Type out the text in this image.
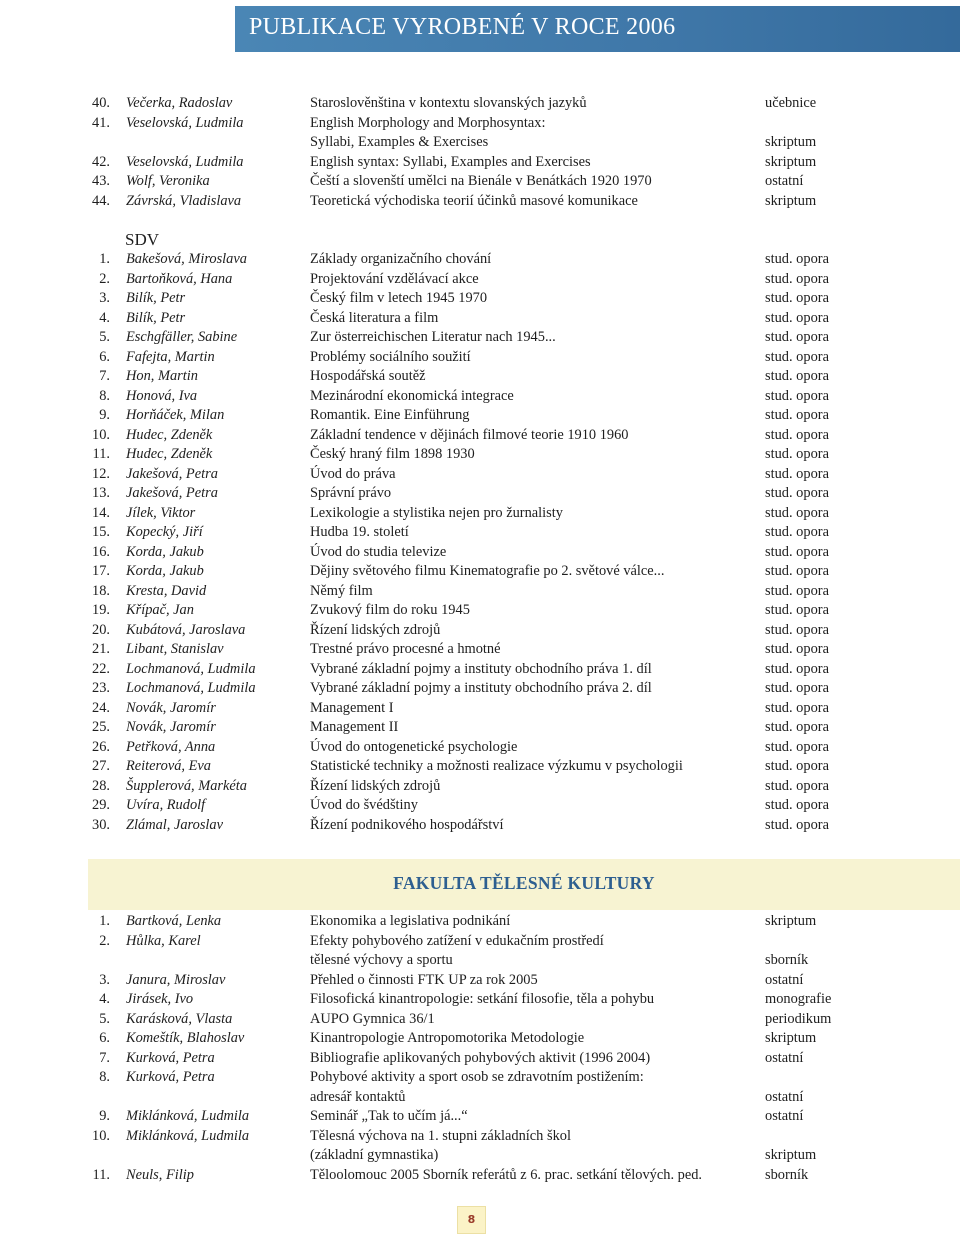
PUBLIKACE VYROBENÉ V ROCE 2006
40. Večerka, Radoslav	Staroslověnština v kontextu slovanských jazyků	učebnice
41. Veselovská, Ludmila	English Morphology and Morphosyntax:
Syllabi, Examples & Exercises	skriptum
42. Veselovská, Ludmila	English syntax: Syllabi, Examples and Exercises	skriptum
43. Wolf, Veronika	Čeští a slovenští umělci na Bienále v Benátkách 1920 1970	ostatní
44. Závrská, Vladislava	Teoretická východiska teorií účinků masové komunikace	skriptum
SDV
1. Bakešová, Miroslava	Základy organizačního chování	stud. opora
2. Bartoňková, Hana	Projektování vzdělávací akce	stud. opora
3. Bilík, Petr	Český film v letech 1945 1970	stud. opora
4. Bilík, Petr	Česká literatura a film	stud. opora
5. Eschgfäller, Sabine	Zur österreichischen Literatur nach 1945...	stud. opora
6. Fafejta, Martin	Problémy sociálního soužití	stud. opora
7. Hon, Martin	Hospodářská soutěž	stud. opora
8. Honová, Iva	Mezinárodní ekonomická integrace	stud. opora
9. Horňáček, Milan	Romantik. Eine Einführung	stud. opora
10. Hudec, Zdeněk	Základní tendence v dějinách filmové teorie 1910 1960	stud. opora
11. Hudec, Zdeněk	Český hraný film 1898 1930	stud. opora
12. Jakešová, Petra	Úvod do práva	stud. opora
13. Jakešová, Petra	Správní právo	stud. opora
14. Jílek, Viktor	Lexikologie a stylistika nejen pro žurnalisty	stud. opora
15. Kopecký, Jiří	Hudba 19. století	stud. opora
16. Korda, Jakub	Úvod do studia televize	stud. opora
17. Korda, Jakub	Dějiny světového filmu Kinematografie po 2. světové válce...	stud. opora
18. Kresta, David	Němý film	stud. opora
19. Křípač, Jan	Zvukový film do roku 1945	stud. opora
20. Kubátová, Jaroslava	Řízení lidských zdrojů	stud. opora
21. Libant, Stanislav	Trestné právo procesné a hmotné	stud. opora
22. Lochmanová, Ludmila	Vybrané základní pojmy a instituty obchodního práva 1. díl	stud. opora
23. Lochmanová, Ludmila	Vybrané základní pojmy a instituty obchodního práva 2. díl	stud. opora
24. Novák, Jaromír	Management I	stud. opora
25. Novák, Jaromír	Management II	stud. opora
26. Petřková, Anna	Úvod do ontogenetické psychologie	stud. opora
27. Reiterová, Eva	Statistické techniky a možnosti realizace výzkumu v psychologii	stud. opora
28. Šupplerová, Markéta	Řízení lidských zdrojů	stud. opora
29. Uvíra, Rudolf	Úvod do švédštiny	stud. opora
30. Zlámal, Jaroslav	Řízení podnikového hospodářství	stud. opora
FAKULTA TĚLESNÉ KULTURY
1. Bartková, Lenka	Ekonomika a legislativa podnikání	skriptum
2. Hůlka, Karel	Efekty pohybového zatížení v edukačním prostředí
tělesné výchovy a sportu	sborník
3. Janura, Miroslav	Přehled o činnosti FTK UP za rok 2005	ostatní
4. Jirásek, Ivo	Filosofická kinantropologie: setkání filosofie, těla a pohybu	monografie
5. Karásková, Vlasta	AUPO Gymnica 36/1	periodikum
6. Komeštík, Blahoslav	Kinantropologie Antropomotorika Metodologie	skriptum
7. Kurková, Petra	Bibliografie aplikovaných pohybových aktivit (1996 2004)	ostatní
8. Kurková, Petra	Pohybové aktivity a sport osob se zdravotním postižením:
adresář kontaktů	ostatní
9. Miklánková, Ludmila	Seminář „Tak to učím já...“	ostatní
10. Miklánková, Ludmila	Tělesná výchova na 1. stupni základních škol
(základní gymnastika)	skriptum
11. Neuls, Filip	Těloolomouc 2005 Sborník referátů z 6. prac. setkání tělových. ped.	sborník
8
